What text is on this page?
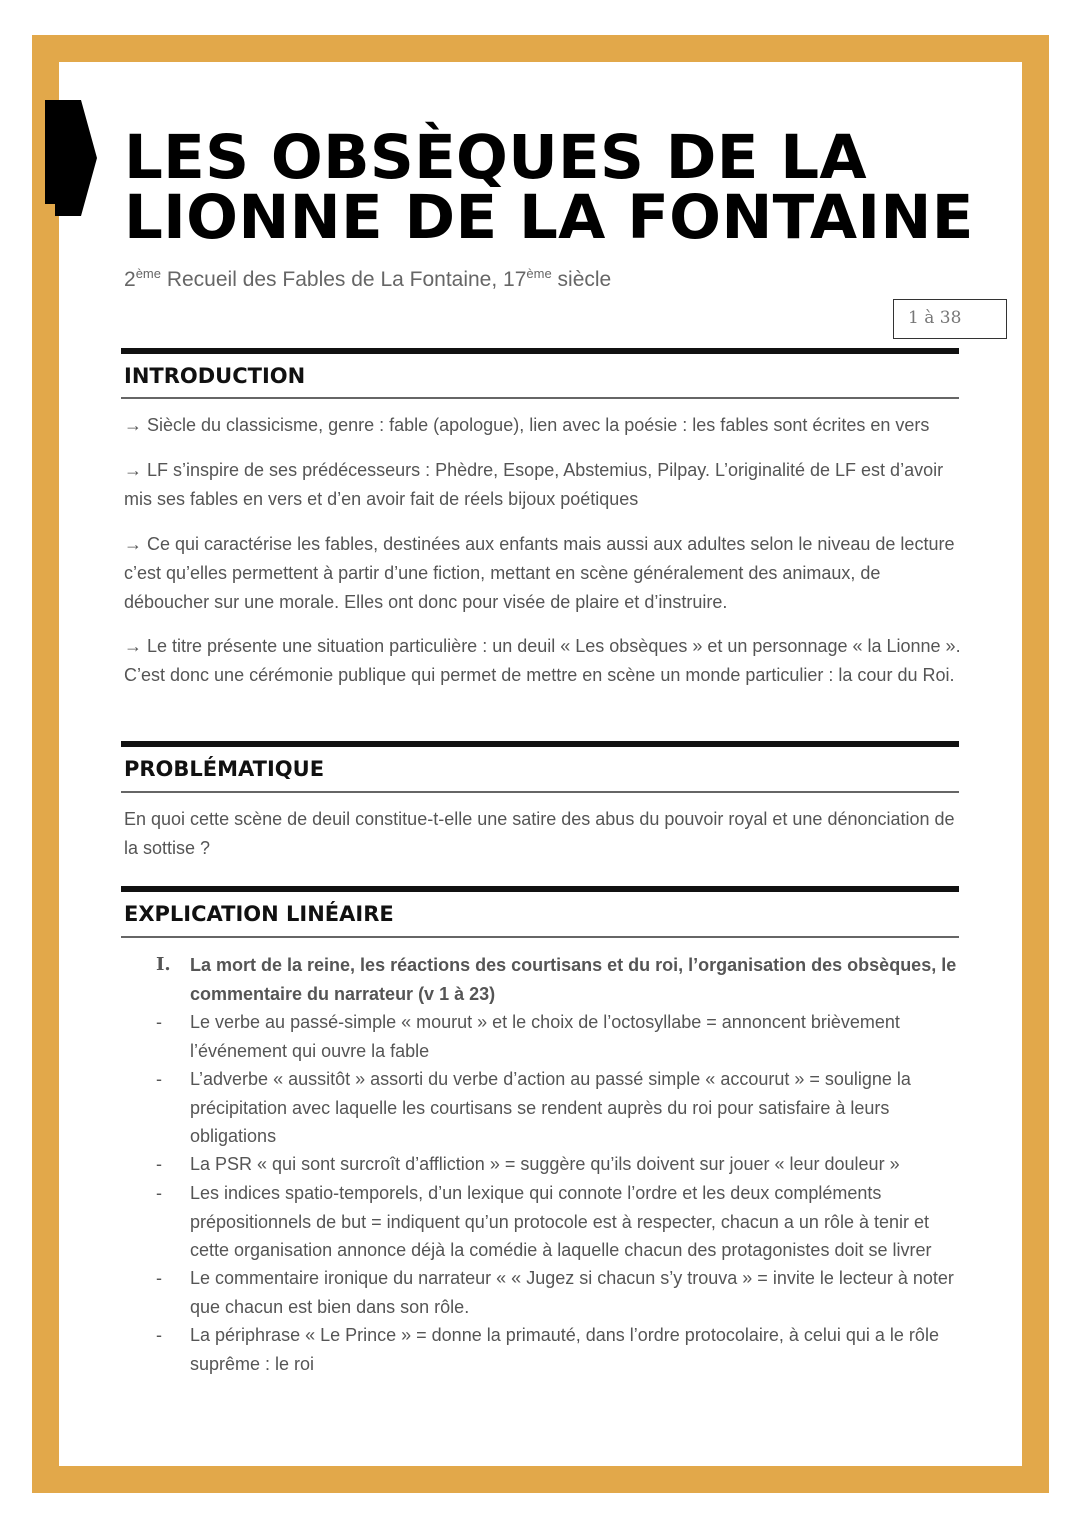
LES OBSÈQUES DE LA
LIONNE DE LA FONTAINE
2ème Recueil des Fables de La Fontaine, 17ème siècle
1 à 38
INTRODUCTION

→ Siècle du classicisme, genre : fable (apologue), lien avec la poésie : les fables sont écrites en vers

→ LF s’inspire de ses prédécesseurs : Phèdre, Esope, Abstemius, Pilpay. L’originalité de LF est d’avoir mis ses fables en vers et d’en avoir fait de réels bijoux poétiques

→ Ce qui caractérise les fables, destinées aux enfants mais aussi aux adultes selon le niveau de lecture c’est qu’elles permettent à partir d’une fiction, mettant en scène généralement des animaux, de déboucher sur une morale. Elles ont donc pour visée de plaire et d’instruire.

→ Le titre présente une situation particulière : un deuil « Les obsèques » et un personnage « la Lionne ». C’est donc une cérémonie publique qui permet de mettre en scène un monde particulier : la cour du Roi.

PROBLÉMATIQUE

En quoi cette scène de deuil constitue-t-elle une satire des abus du pouvoir royal et une dénonciation de la sottise ?

EXPLICATION LINÉAIRE
I. La mort de la reine, les réactions des courtisans et du roi, l’organisation des obsèques, le commentaire du narrateur (v 1 à 23)
- Le verbe au passé-simple « mourut » et le choix de l’octosyllabe = annoncent brièvement l’événement qui ouvre la fable
- L’adverbe « aussitôt » assorti du verbe d’action au passé simple « accourut » = souligne la précipitation avec laquelle les courtisans se rendent auprès du roi pour satisfaire à leurs obligations
- La PSR « qui sont surcroît d’affliction » = suggère qu’ils doivent sur jouer « leur douleur »
- Les indices spatio-temporels, d’un lexique qui connote l’ordre et les deux compléments prépositionnels de but = indiquent qu’un protocole est à respecter, chacun a un rôle à tenir et cette organisation annonce déjà la comédie à laquelle chacun des protagonistes doit se livrer
- Le commentaire ironique du narrateur « « Jugez si chacun s’y trouva » = invite le lecteur à noter que chacun est bien dans son rôle.
- La périphrase « Le Prince » = donne la primauté, dans l’ordre protocolaire, à celui qui a le rôle suprême : le roi
